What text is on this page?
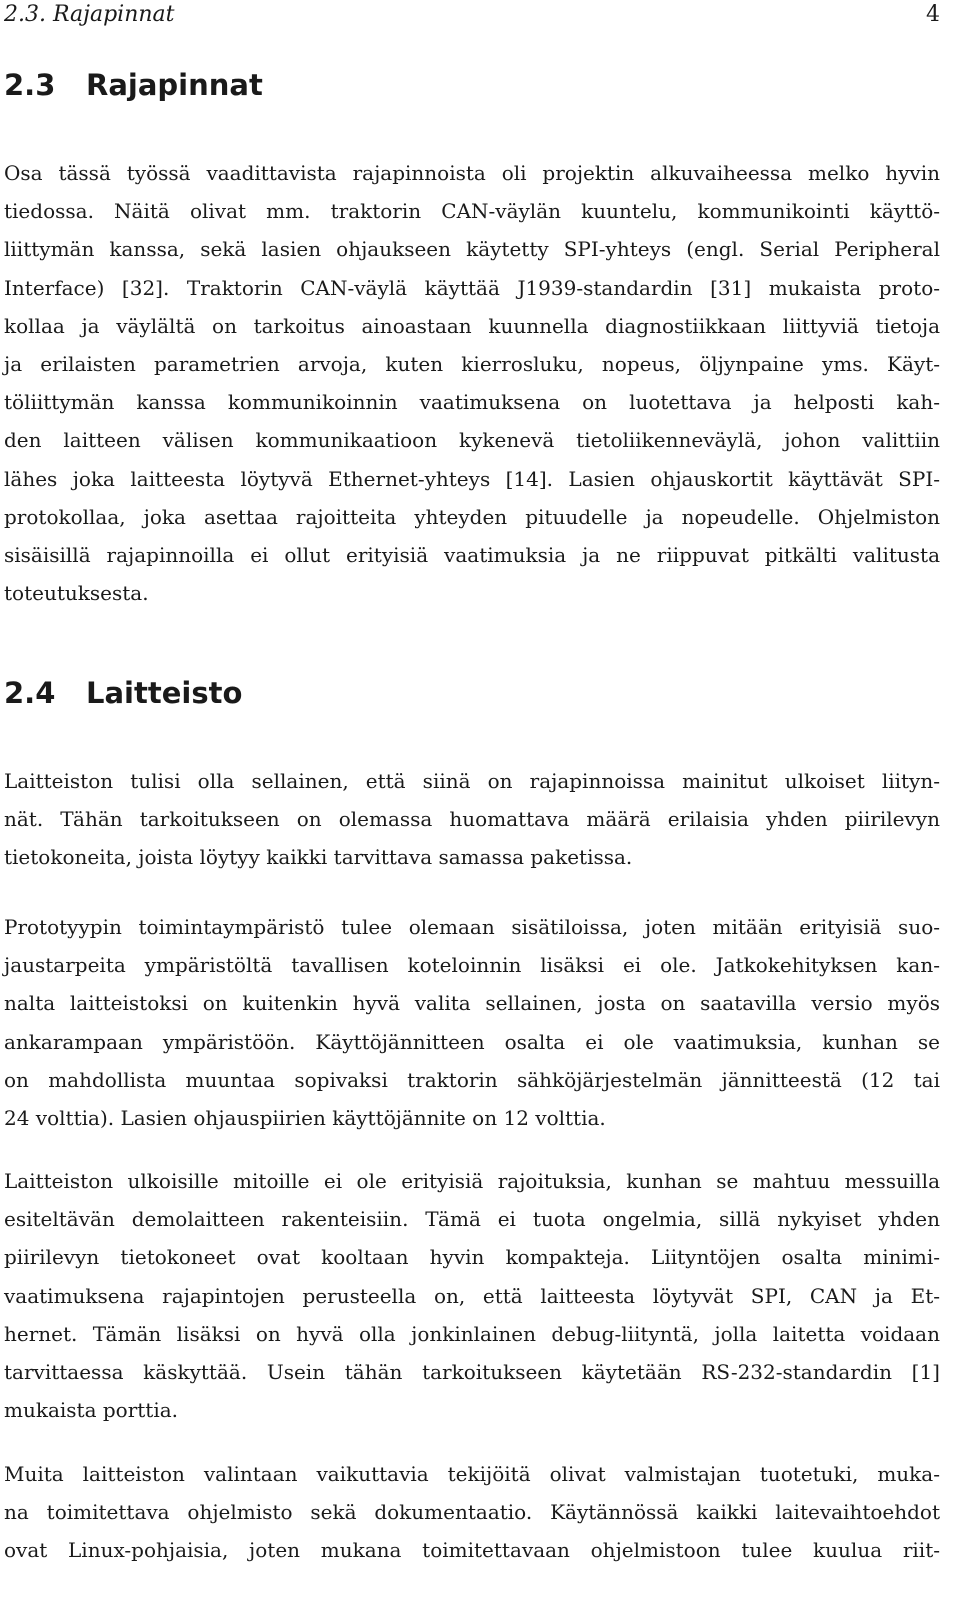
2.3. Rajapinnat	4
2.3 Rajapinnat
Osa tässä työssä vaadittavista rajapinnoista oli projektin alkuvaiheessa melko hyvin
tiedossa. Näitä olivat mm. traktorin CAN-väylän kuuntelu, kommunikointi käyttö-
liittymän kanssa, sekä lasien ohjaukseen käytetty SPI-yhteys (engl. Serial Peripheral
Interface) [32]. Traktorin CAN-väylä käyttää J1939-standardin [31] mukaista proto-
kollaa ja väylältä on tarkoitus ainoastaan kuunnella diagnostiikkaan liittyviä tietoja
ja erilaisten parametrien arvoja, kuten kierrosluku, nopeus, öljynpaine yms. Käyt-
töliittymän kanssa kommunikoinnin vaatimuksena on luotettava ja helposti kah-
den laitteen välisen kommunikaatioon kykenevä tietoliikenneväylä, johon valittiin
lähes joka laitteesta löytyvä Ethernet-yhteys [14]. Lasien ohjauskortit käyttävät SPI-
protokollaa, joka asettaa rajoitteita yhteyden pituudelle ja nopeudelle. Ohjelmiston
sisäisillä rajapinnoilla ei ollut erityisiä vaatimuksia ja ne riippuvat pitkälti valitusta
toteutuksesta.
2.4 Laitteisto
Laitteiston tulisi olla sellainen, että siinä on rajapinnoissa mainitut ulkoiset liityn-
nät. Tähän tarkoitukseen on olemassa huomattava määrä erilaisia yhden piirilevyn
tietokoneita, joista löytyy kaikki tarvittava samassa paketissa.
Prototyypin toimintaympäristö tulee olemaan sisätiloissa, joten mitään erityisiä suo-
jaustarpeita ympäristöltä tavallisen koteloinnin lisäksi ei ole. Jatkokehityksen kan-
nalta laitteistoksi on kuitenkin hyvä valita sellainen, josta on saatavilla versio myös
ankarampaan ympäristöön. Käyttöjännitteen osalta ei ole vaatimuksia, kunhan se
on mahdollista muuntaa sopivaksi traktorin sähköjärjestelmän jännitteestä (12 tai
24 volttia). Lasien ohjauspiirien käyttöjännite on 12 volttia.
Laitteiston ulkoisille mitoille ei ole erityisiä rajoituksia, kunhan se mahtuu messuilla
esiteltävän demolaitteen rakenteisiin. Tämä ei tuota ongelmia, sillä nykyiset yhden
piirilevyn tietokoneet ovat kooltaan hyvin kompakteja. Liityntöjen osalta minimi-
vaatimuksena rajapintojen perusteella on, että laitteesta löytyvät SPI, CAN ja Et-
hernet. Tämän lisäksi on hyvä olla jonkinlainen debug-liityntä, jolla laitetta voidaan
tarvittaessa käskyttää. Usein tähän tarkoitukseen käytetään RS-232-standardin [1]
mukaista porttia.
Muita laitteiston valintaan vaikuttavia tekijöitä olivat valmistajan tuotetuki, muka-
na toimitettava ohjelmisto sekä dokumentaatio. Käytännössä kaikki laitevaihtoehdot
ovat Linux-pohjaisia, joten mukana toimitettavaan ohjelmistoon tulee kuulua riit-
